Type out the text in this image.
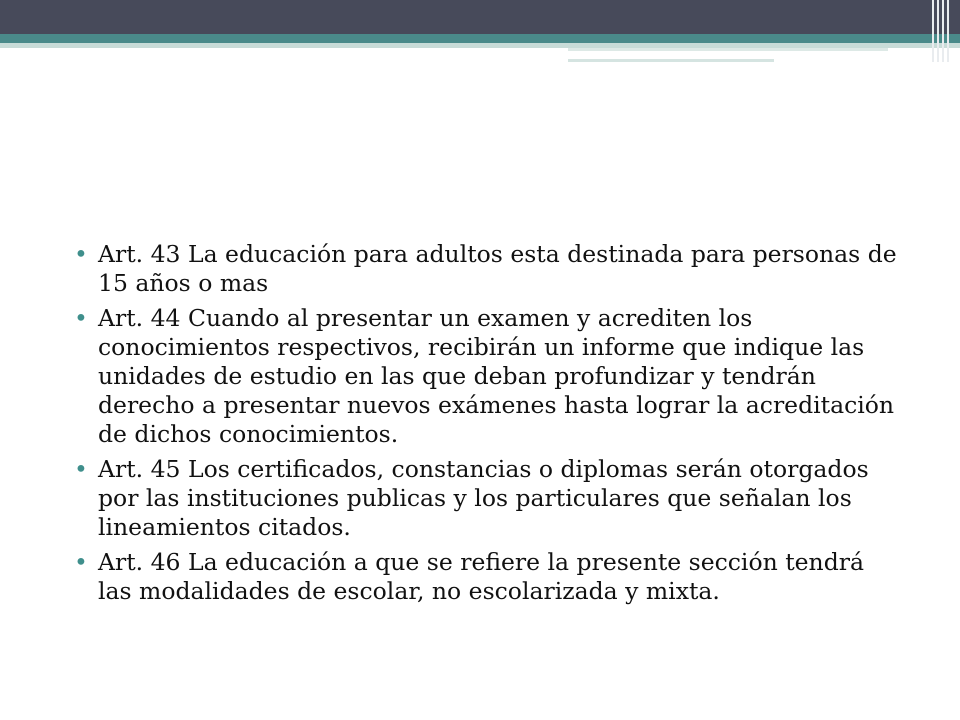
• Art. 43 La educación para adultos esta destinada para personas de 15 años o mas
• Art. 44 Cuando al presentar un examen y acrediten los conocimientos respectivos, recibirán un informe que indique las unidades de estudio en las que deban profundizar y tendrán derecho a presentar nuevos exámenes hasta lograr la acreditación de dichos conocimientos.
• Art. 45 Los certificados, constancias o diplomas serán otorgados por las instituciones publicas y los particulares que señalan los lineamientos citados.
• Art. 46 La educación a que se refiere la presente sección tendrá las modalidades de escolar, no escolarizada y mixta.
